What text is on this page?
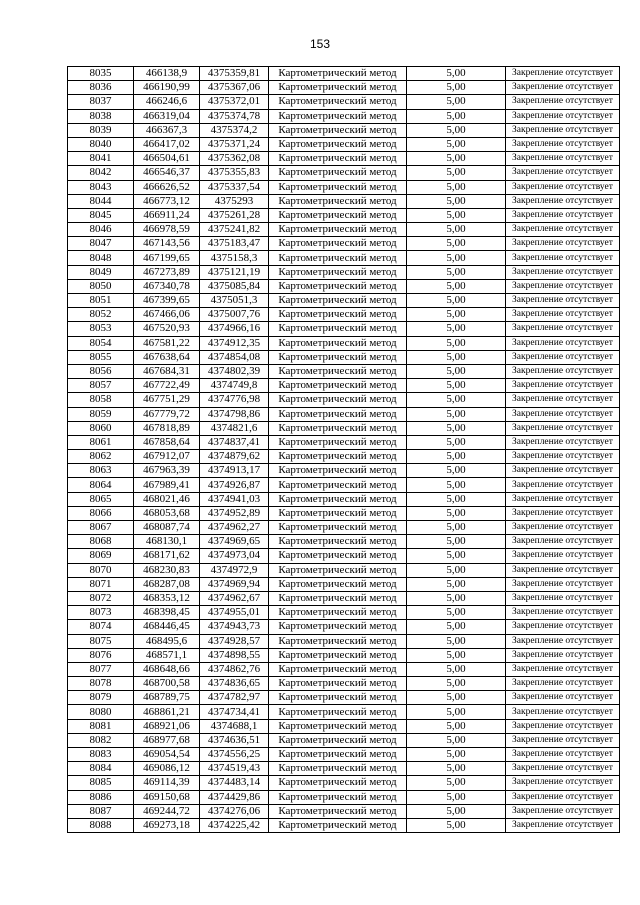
153
8035	466138,9	4375359,81	Картометрический метод	5,00	Закрепление отсутствует
8036	466190,99	4375367,06	Картометрический метод	5,00	Закрепление отсутствует
8037	466246,6	4375372,01	Картометрический метод	5,00	Закрепление отсутствует
8038	466319,04	4375374,78	Картометрический метод	5,00	Закрепление отсутствует
8039	466367,3	4375374,2	Картометрический метод	5,00	Закрепление отсутствует
8040	466417,02	4375371,24	Картометрический метод	5,00	Закрепление отсутствует
8041	466504,61	4375362,08	Картометрический метод	5,00	Закрепление отсутствует
8042	466546,37	4375355,83	Картометрический метод	5,00	Закрепление отсутствует
8043	466626,52	4375337,54	Картометрический метод	5,00	Закрепление отсутствует
8044	466773,12	4375293	Картометрический метод	5,00	Закрепление отсутствует
8045	466911,24	4375261,28	Картометрический метод	5,00	Закрепление отсутствует
8046	466978,59	4375241,82	Картометрический метод	5,00	Закрепление отсутствует
8047	467143,56	4375183,47	Картометрический метод	5,00	Закрепление отсутствует
8048	467199,65	4375158,3	Картометрический метод	5,00	Закрепление отсутствует
8049	467273,89	4375121,19	Картометрический метод	5,00	Закрепление отсутствует
8050	467340,78	4375085,84	Картометрический метод	5,00	Закрепление отсутствует
8051	467399,65	4375051,3	Картометрический метод	5,00	Закрепление отсутствует
8052	467466,06	4375007,76	Картометрический метод	5,00	Закрепление отсутствует
8053	467520,93	4374966,16	Картометрический метод	5,00	Закрепление отсутствует
8054	467581,22	4374912,35	Картометрический метод	5,00	Закрепление отсутствует
8055	467638,64	4374854,08	Картометрический метод	5,00	Закрепление отсутствует
8056	467684,31	4374802,39	Картометрический метод	5,00	Закрепление отсутствует
8057	467722,49	4374749,8	Картометрический метод	5,00	Закрепление отсутствует
8058	467751,29	4374776,98	Картометрический метод	5,00	Закрепление отсутствует
8059	467779,72	4374798,86	Картометрический метод	5,00	Закрепление отсутствует
8060	467818,89	4374821,6	Картометрический метод	5,00	Закрепление отсутствует
8061	467858,64	4374837,41	Картометрический метод	5,00	Закрепление отсутствует
8062	467912,07	4374879,62	Картометрический метод	5,00	Закрепление отсутствует
8063	467963,39	4374913,17	Картометрический метод	5,00	Закрепление отсутствует
8064	467989,41	4374926,87	Картометрический метод	5,00	Закрепление отсутствует
8065	468021,46	4374941,03	Картометрический метод	5,00	Закрепление отсутствует
8066	468053,68	4374952,89	Картометрический метод	5,00	Закрепление отсутствует
8067	468087,74	4374962,27	Картометрический метод	5,00	Закрепление отсутствует
8068	468130,1	4374969,65	Картометрический метод	5,00	Закрепление отсутствует
8069	468171,62	4374973,04	Картометрический метод	5,00	Закрепление отсутствует
8070	468230,83	4374972,9	Картометрический метод	5,00	Закрепление отсутствует
8071	468287,08	4374969,94	Картометрический метод	5,00	Закрепление отсутствует
8072	468353,12	4374962,67	Картометрический метод	5,00	Закрепление отсутствует
8073	468398,45	4374955,01	Картометрический метод	5,00	Закрепление отсутствует
8074	468446,45	4374943,73	Картометрический метод	5,00	Закрепление отсутствует
8075	468495,6	4374928,57	Картометрический метод	5,00	Закрепление отсутствует
8076	468571,1	4374898,55	Картометрический метод	5,00	Закрепление отсутствует
8077	468648,66	4374862,76	Картометрический метод	5,00	Закрепление отсутствует
8078	468700,58	4374836,65	Картометрический метод	5,00	Закрепление отсутствует
8079	468789,75	4374782,97	Картометрический метод	5,00	Закрепление отсутствует
8080	468861,21	4374734,41	Картометрический метод	5,00	Закрепление отсутствует
8081	468921,06	4374688,1	Картометрический метод	5,00	Закрепление отсутствует
8082	468977,68	4374636,51	Картометрический метод	5,00	Закрепление отсутствует
8083	469054,54	4374556,25	Картометрический метод	5,00	Закрепление отсутствует
8084	469086,12	4374519,43	Картометрический метод	5,00	Закрепление отсутствует
8085	469114,39	4374483,14	Картометрический метод	5,00	Закрепление отсутствует
8086	469150,68	4374429,86	Картометрический метод	5,00	Закрепление отсутствует
8087	469244,72	4374276,06	Картометрический метод	5,00	Закрепление отсутствует
8088	469273,18	4374225,42	Картометрический метод	5,00	Закрепление отсутствует
